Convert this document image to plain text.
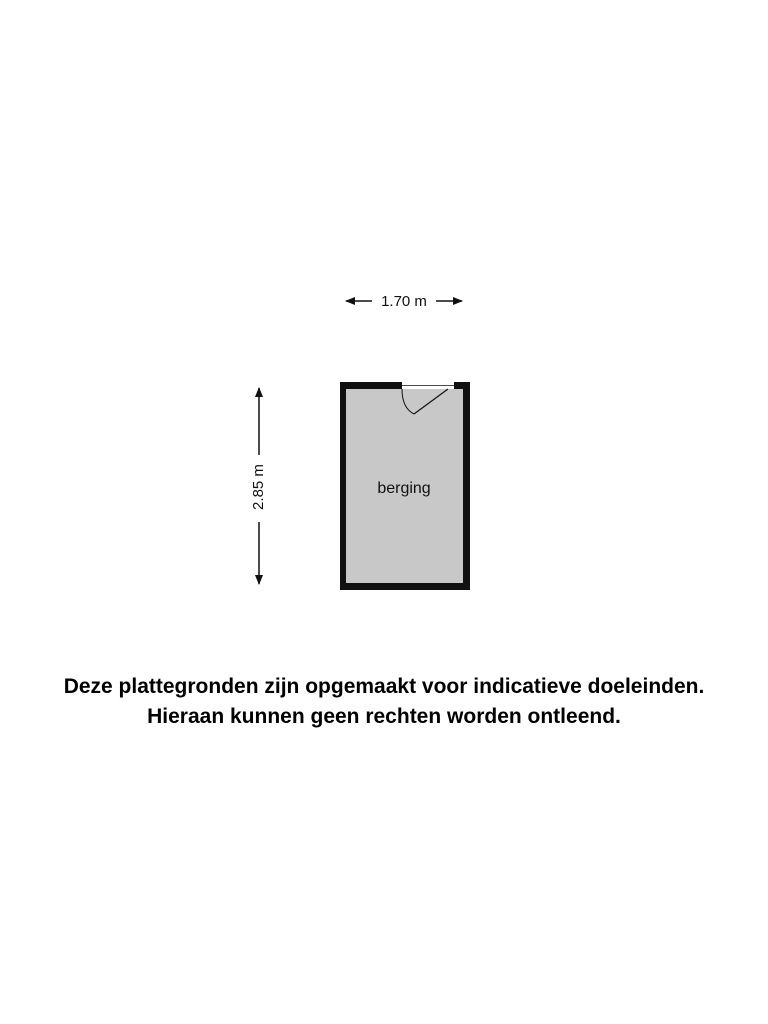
1.70 m
2.85 m	berging
Deze plattegronden zijn opgemaakt voor indicatieve doeleinden.
Hieraan kunnen geen rechten worden ontleend.
